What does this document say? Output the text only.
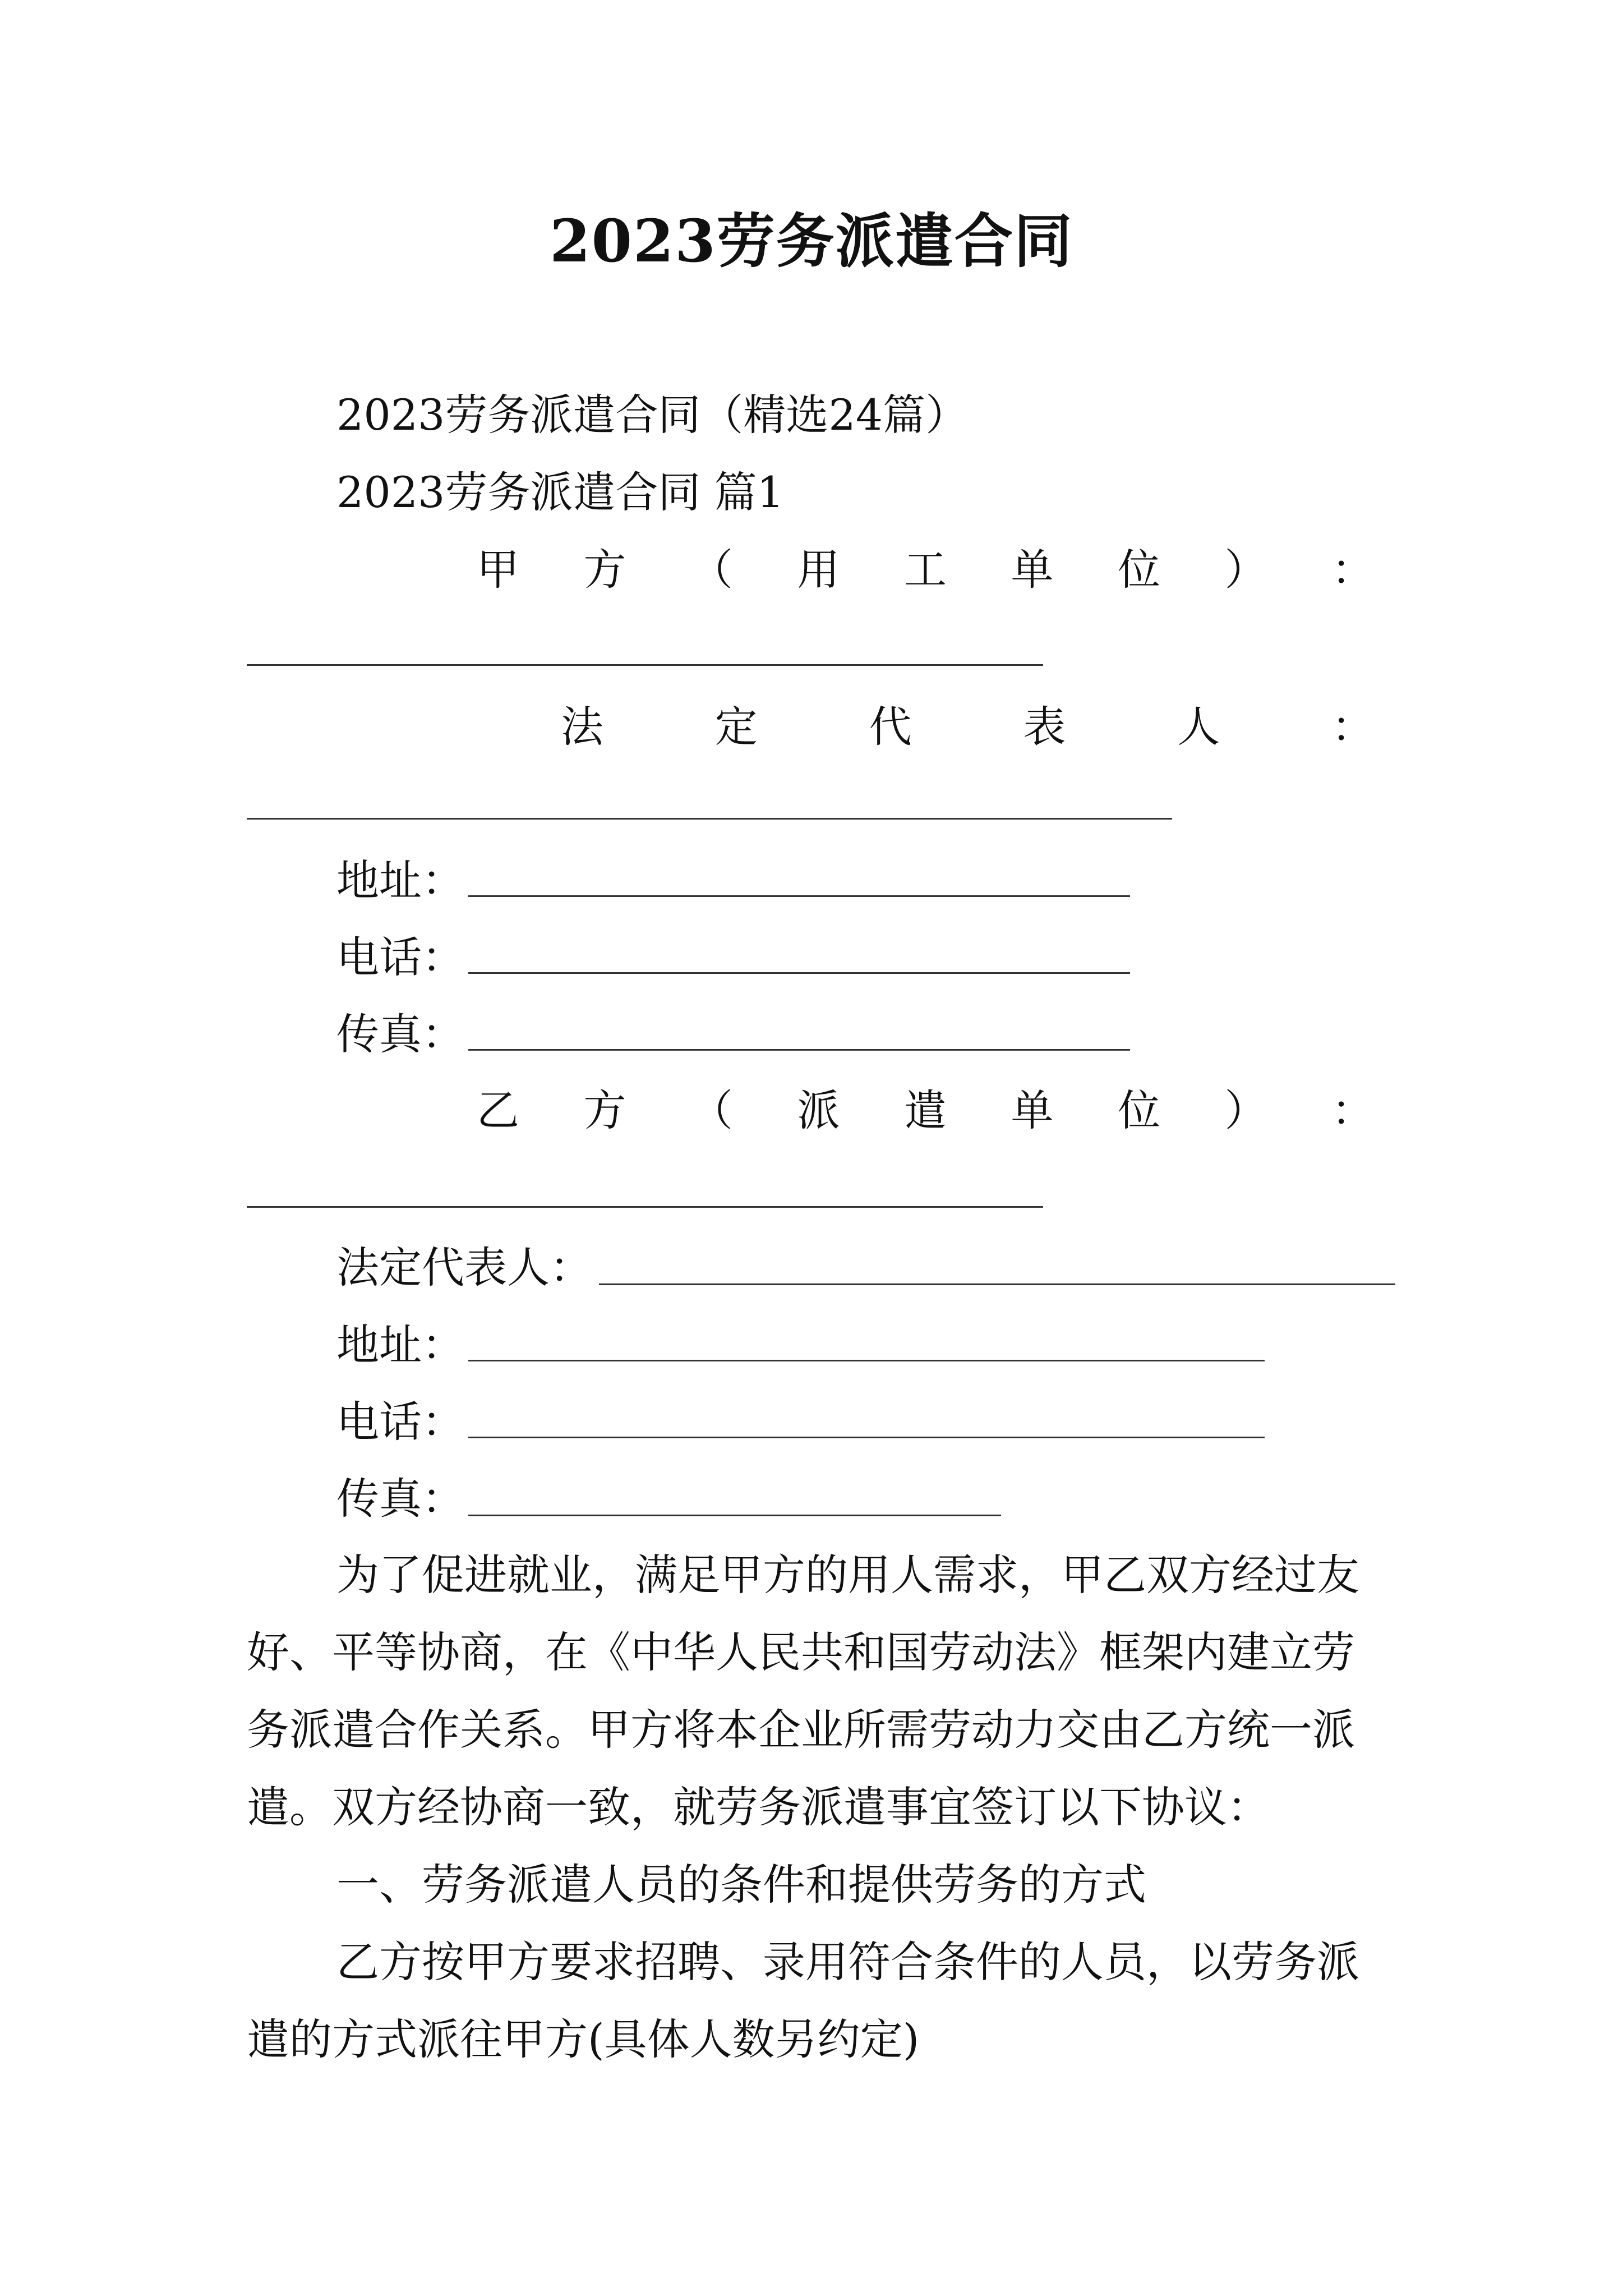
2023劳务派遣合同
2023劳务派遣合同（精选24篇）
2023劳务派遣合同 篇1
甲 方 （ 用 工 单 位 ） ：
法	定	代	表	人	：
地址：
电话：
传真：
乙 方 （ 派 遣 单 位 ） ：
法定代表人：
地址：
电话：
传真：
为了促进就业，满足甲方的用人需求，甲乙双方经过友
好、平等协商，在《中华人民共和国劳动法》框架内建立劳
务派遣合作关系。甲方将本企业所需劳动力交由乙方统一派
遣。双方经协商一致，就劳务派遣事宜签订以下协议：
一、劳务派遣人员的条件和提供劳务的方式
乙方按甲方要求招聘、录用符合条件的人员，以劳务派
遣的方式派往甲方(具体人数另约定)
